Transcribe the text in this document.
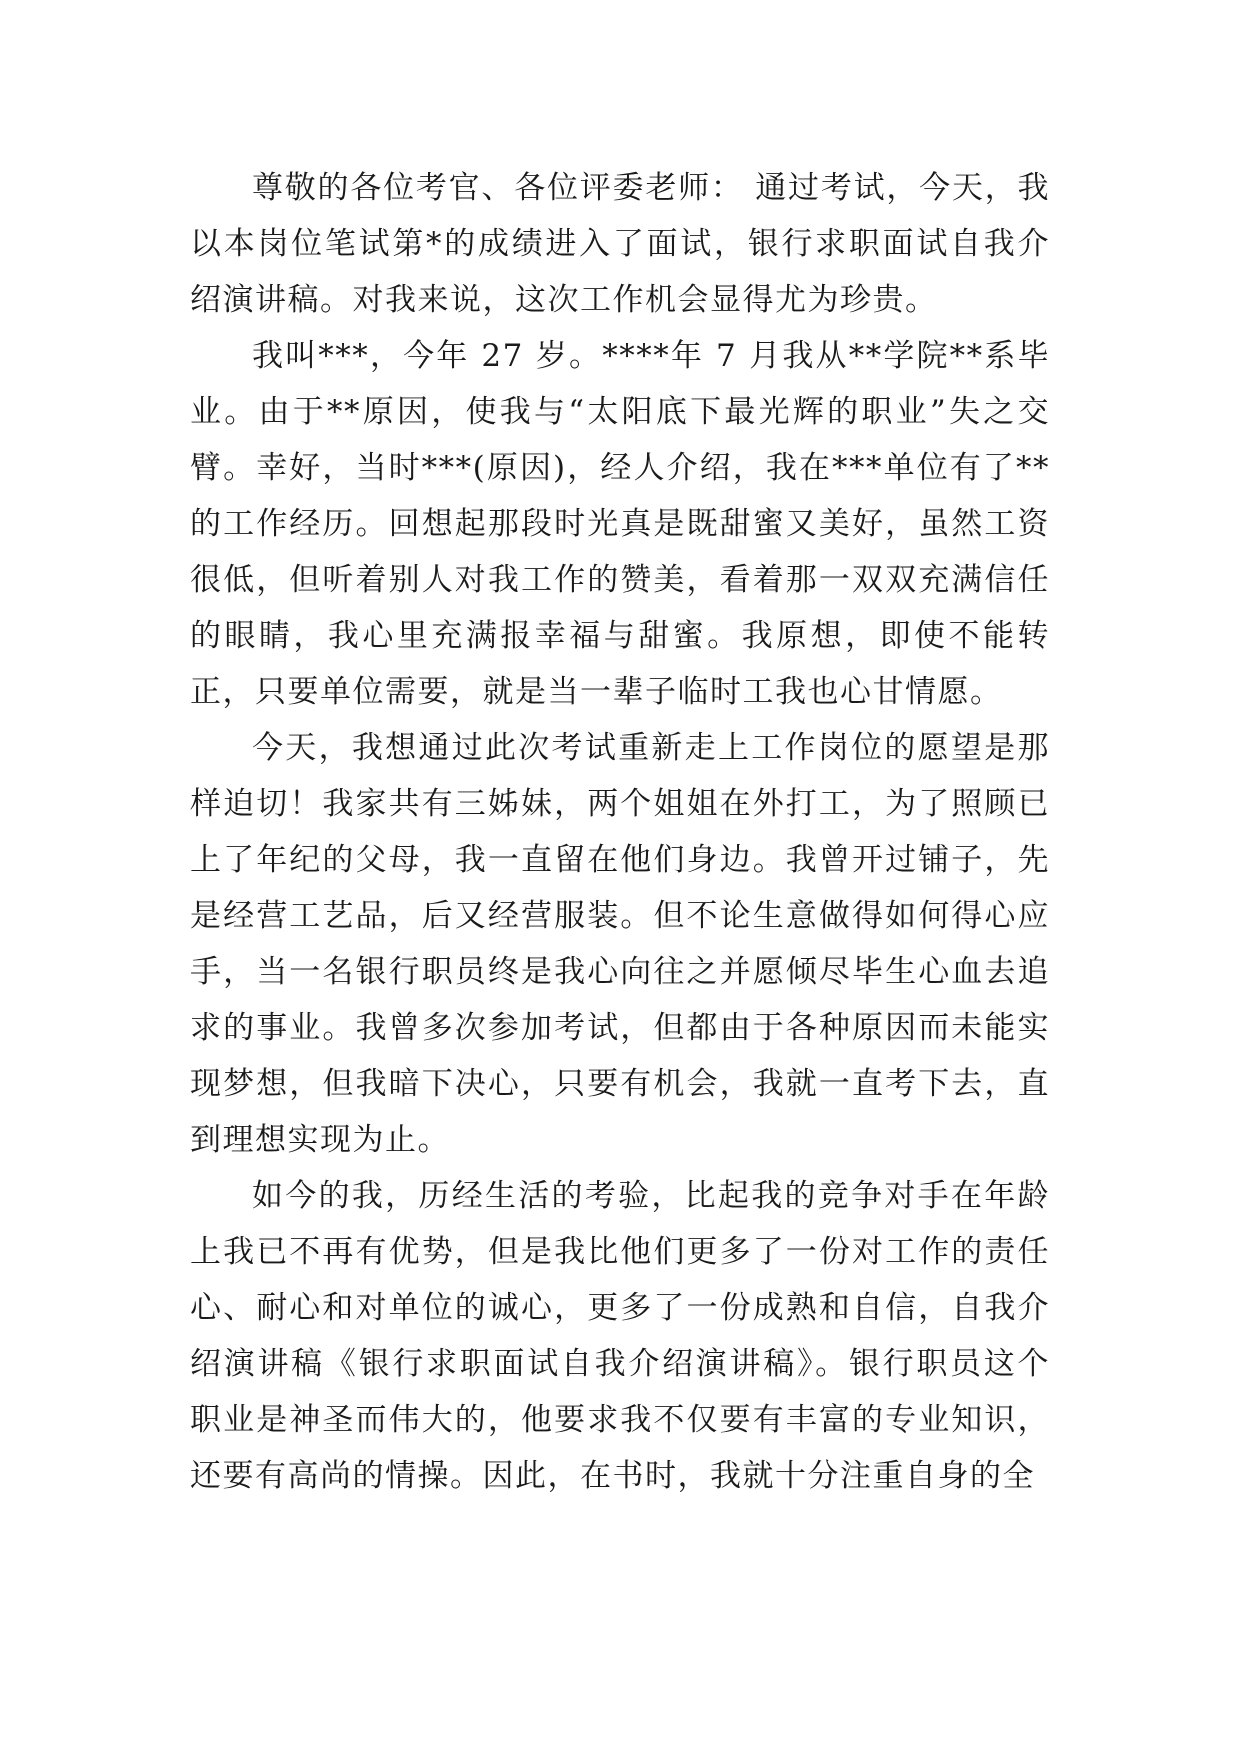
尊敬的各位考官、各位评委老师： 通过考试，今天，我以本岗位笔试第*的成绩进入了面试，银行求职面试自我介绍演讲稿。对我来说，这次工作机会显得尤为珍贵。

我叫***，今年 27 岁。****年 7 月我从**学院**系毕业。由于**原因，使我与“太阳底下最光辉的职业”失之交臂。幸好，当时***(原因)，经人介绍，我在***单位有了**的工作经历。回想起那段时光真是既甜蜜又美好，虽然工资很低，但听着别人对我工作的赞美，看着那一双双充满信任的眼睛，我心里充满报幸福与甜蜜。我原想，即使不能转正，只要单位需要，就是当一辈子临时工我也心甘情愿。

今天，我想通过此次考试重新走上工作岗位的愿望是那样迫切！我家共有三姊妹，两个姐姐在外打工，为了照顾已上了年纪的父母，我一直留在他们身边。我曾开过铺子，先是经营工艺品，后又经营服装。但不论生意做得如何得心应手，当一名银行职员终是我心向往之并愿倾尽毕生心血去追求的事业。我曾多次参加考试，但都由于各种原因而未能实现梦想，但我暗下决心，只要有机会，我就一直考下去，直到理想实现为止。

如今的我，历经生活的考验，比起我的竞争对手在年龄上我已不再有优势，但是我比他们更多了一份对工作的责任心、耐心和对单位的诚心，更多了一份成熟和自信，自我介绍演讲稿《银行求职面试自我介绍演讲稿》。银行职员这个职业是神圣而伟大的，他要求我不仅要有丰富的专业知识，还要有高尚的情操。因此，在书时，我就十分注重自身的全
